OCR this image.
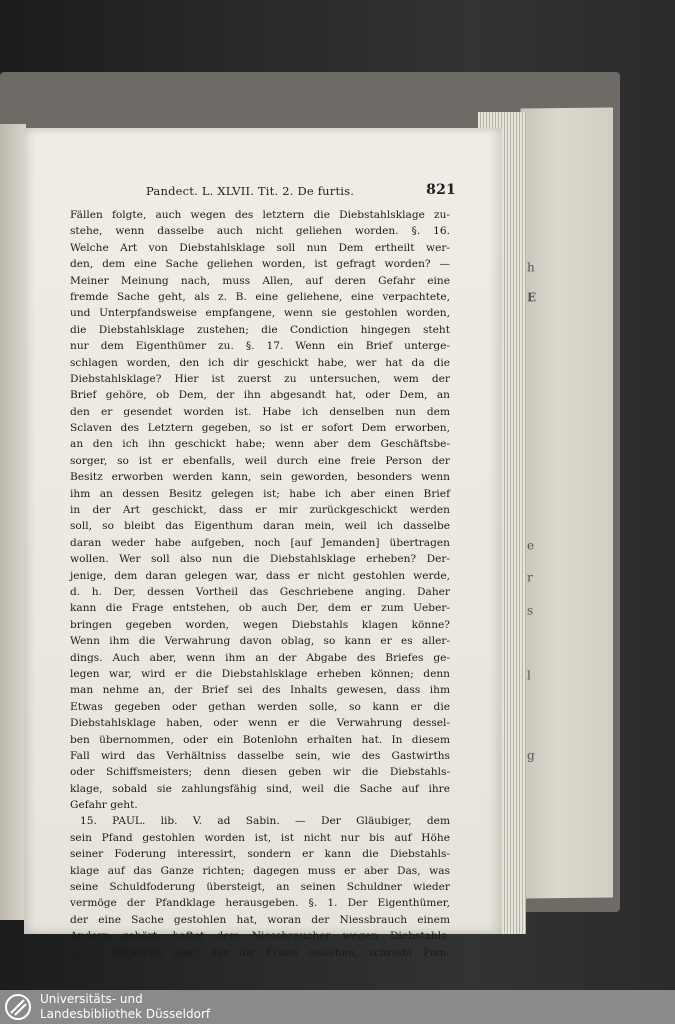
h
E
e
r
s
l
g
Pandect. L. XLVII. Tit. 2. De furtis.	821
Fällen folgte, auch wegen des letztern die Diebstahlsklage zu-
stehe, wenn dasselbe auch nicht geliehen worden. §. 16.
Welche Art von Diebstahlsklage soll nun Dem ertheilt wer-
den, dem eine Sache geliehen worden, ist gefragt worden? —
Meiner Meinung nach, muss Allen, auf deren Gefahr eine
fremde Sache geht, als z. B. eine geliehene, eine verpachtete,
und Unterpfandsweise empfangene, wenn sie gestohlen worden,
die Diebstahlsklage zustehen; die Condiction hingegen steht
nur dem Eigenthümer zu. §. 17. Wenn ein Brief unterge-
schlagen worden, den ich dir geschickt habe, wer hat da die
Diebstahlsklage? Hier ist zuerst zu untersuchen, wem der
Brief gehöre, ob Dem, der ihn abgesandt hat, oder Dem, an
den er gesendet worden ist. Habe ich denselben nun dem
Sclaven des Letztern gegeben, so ist er sofort Dem erworben,
an den ich ihn geschickt habe; wenn aber dem Geschäftsbe-
sorger, so ist er ebenfalls, weil durch eine freie Person der
Besitz erworben werden kann, sein geworden, besonders wenn
ihm an dessen Besitz gelegen ist; habe ich aber einen Brief
in der Art geschickt, dass er mir zurückgeschickt werden
soll, so bleibt das Eigenthum daran mein, weil ich dasselbe
daran weder habe aufgeben, noch [auf Jemanden] übertragen
wollen. Wer soll also nun die Diebstahlsklage erheben? Der-
jenige, dem daran gelegen war, dass er nicht gestohlen werde,
d. h. Der, dessen Vortheil das Geschriebene anging. Daher
kann die Frage entstehen, ob auch Der, dem er zum Ueber-
bringen gegeben worden, wegen Diebstahls klagen könne?
Wenn ihm die Verwahrung davon oblag, so kann er es aller-
dings. Auch aber, wenn ihm an der Abgabe des Briefes ge-
legen war, wird er die Diebstahlsklage erheben können; denn
man nehme an, der Brief sei des Inhalts gewesen, dass ihm
Etwas gegeben oder gethan werden solle, so kann er die
Diebstahlsklage haben, oder wenn er die Verwahrung dessel-
ben übernommen, oder ein Botenlohn erhalten hat. In diesem
Fall wird das Verhältniss dasselbe sein, wie des Gastwirths
oder Schiffsmeisters; denn diesen geben wir die Diebstahls-
klage, sobald sie zahlungsfähig sind, weil die Sache auf ihre
Gefahr geht.
15. PAUL. lib. V. ad Sabin. — Der Gläubiger, dem
sein Pfand gestohlen worden ist, ist nicht nur bis auf Höhe
seiner Foderung interessirt, sondern er kann die Diebstahls-
klage auf das Ganze richten; dagegen muss er aber Das, was
seine Schuldfoderung übersteigt, an seinen Schuldner wieder
vermöge der Pfandklage herausgeben. §. 1. Der Eigenthümer,
der eine Sache gestohlen hat, woran der Niessbrauch einem
Andern gehört, haftet dem Niessbraucher wegen Diebstahls.
§. 2. Derjenige aber, der dir Etwas geliehen, schreibt Pom-
Universitäts- und
Landesbibliothek Düsseldorf
